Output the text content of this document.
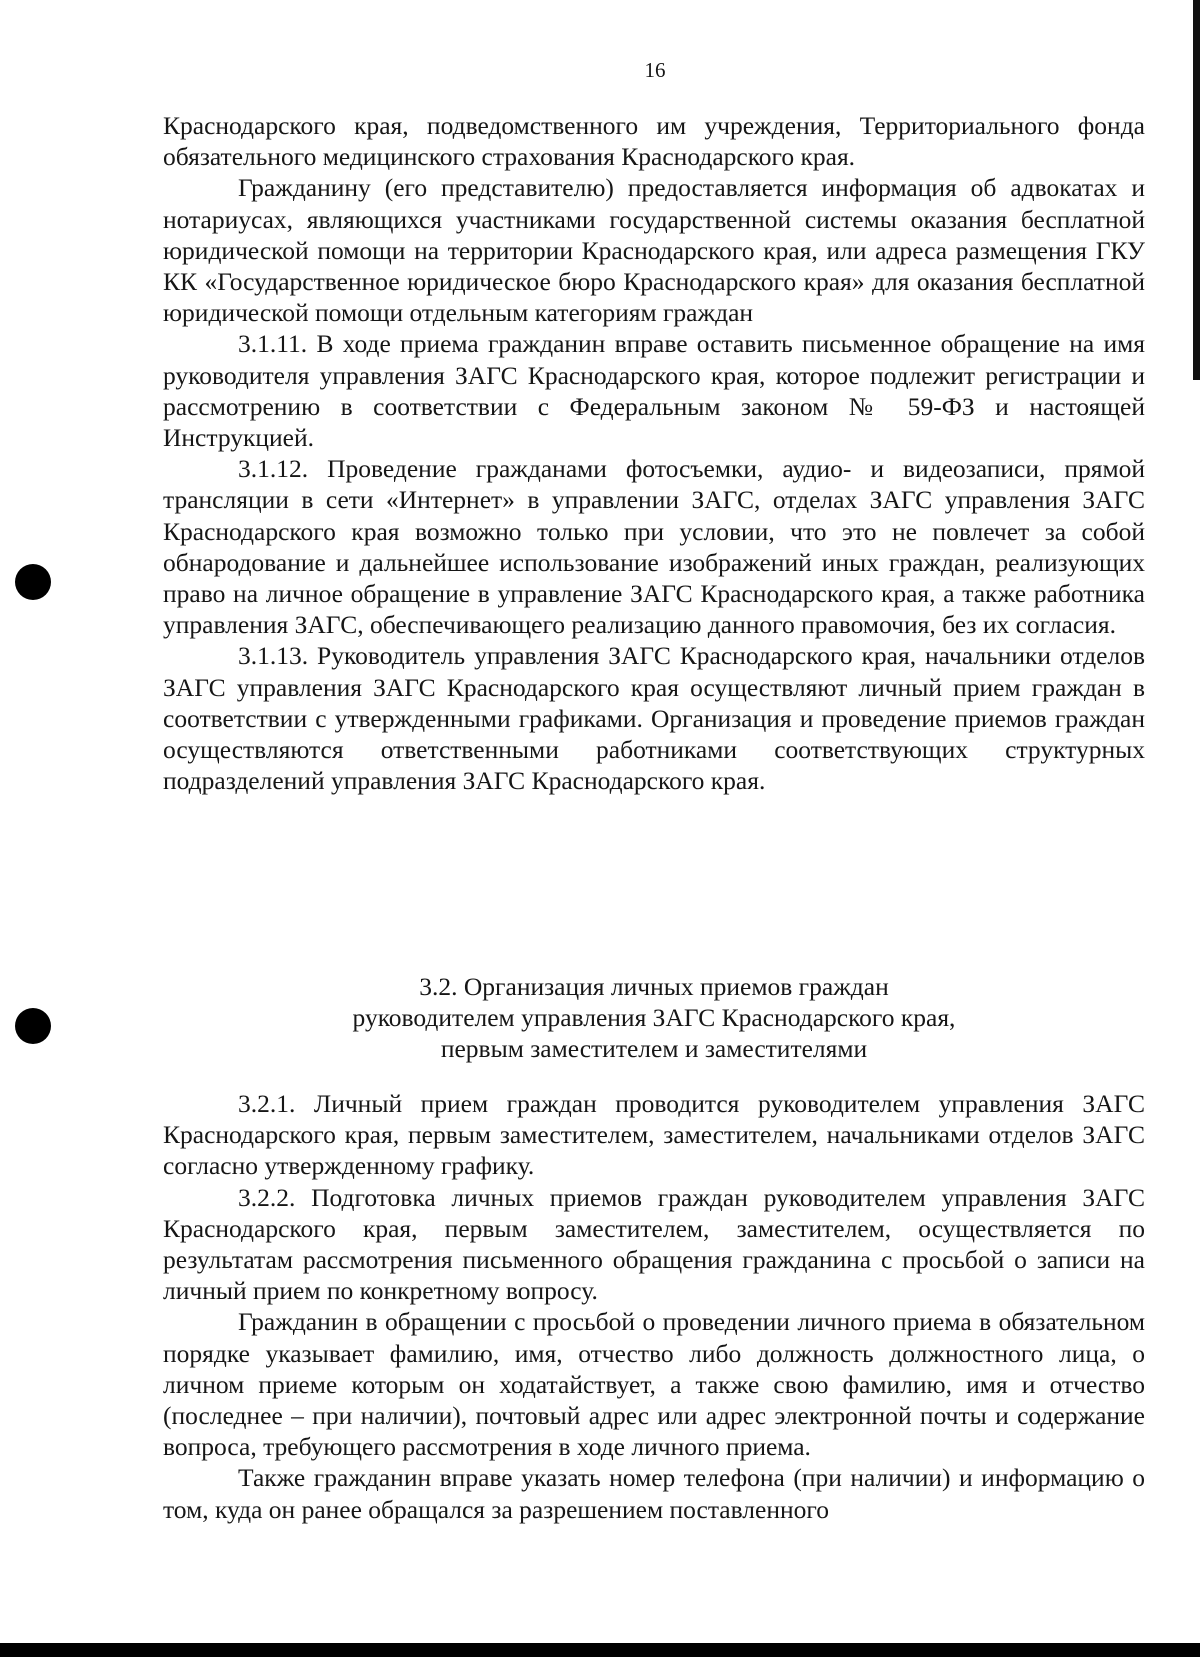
16

Краснодарского края, подведомственного им учреждения, Территориального фонда обязательного медицинского страхования Краснодарского края.

Гражданину (его представителю) предоставляется информация об адвокатах и нотариусах, являющихся участниками государственной системы оказания бесплатной юридической помощи на территории Краснодарского края, или адреса размещения ГКУ КК «Государственное юридическое бюро Краснодарского края» для оказания бесплатной юридической помощи отдельным категориям граждан

3.1.11. В ходе приема гражданин вправе оставить письменное обращение на имя руководителя управления ЗАГС Краснодарского края, которое подлежит регистрации и рассмотрению в соответствии с Федеральным законом № 59-ФЗ и настоящей Инструкцией.

3.1.12. Проведение гражданами фотосъемки, аудио- и видеозаписи, прямой трансляции в сети «Интернет» в управлении ЗАГС, отделах ЗАГС управления ЗАГС Краснодарского края возможно только при условии, что это не повлечет за собой обнародование и дальнейшее использование изображений иных граждан, реализующих право на личное обращение в управление ЗАГС Краснодарского края, а также работника управления ЗАГС, обеспечивающего реализацию данного правомочия, без их согласия.

3.1.13. Руководитель управления ЗАГС Краснодарского края, начальники отделов ЗАГС управления ЗАГС Краснодарского края осуществляют личный прием граждан в соответствии с утвержденными графиками. Организация и проведение приемов граждан осуществляются ответственными работниками соответствующих структурных подразделений управления ЗАГС Краснодарского края.

3.2. Организация личных приемов граждан
руководителем управления ЗАГС Краснодарского края,
первым заместителем и заместителями

3.2.1. Личный прием граждан проводится руководителем управления ЗАГС Краснодарского края, первым заместителем, заместителем, начальниками отделов ЗАГС согласно утвержденному графику.

3.2.2. Подготовка личных приемов граждан руководителем управления ЗАГС Краснодарского края, первым заместителем, заместителем, осуществляется по результатам рассмотрения письменного обращения гражданина с просьбой о записи на личный прием по конкретному вопросу.

Гражданин в обращении с просьбой о проведении личного приема в обязательном порядке указывает фамилию, имя, отчество либо должность должностного лица, о личном приеме которым он ходатайствует, а также свою фамилию, имя и отчество (последнее – при наличии), почтовый адрес или адрес электронной почты и содержание вопроса, требующего рассмотрения в ходе личного приема.

Также гражданин вправе указать номер телефона (при наличии) и информацию о том, куда он ранее обращался за разрешением поставленного
